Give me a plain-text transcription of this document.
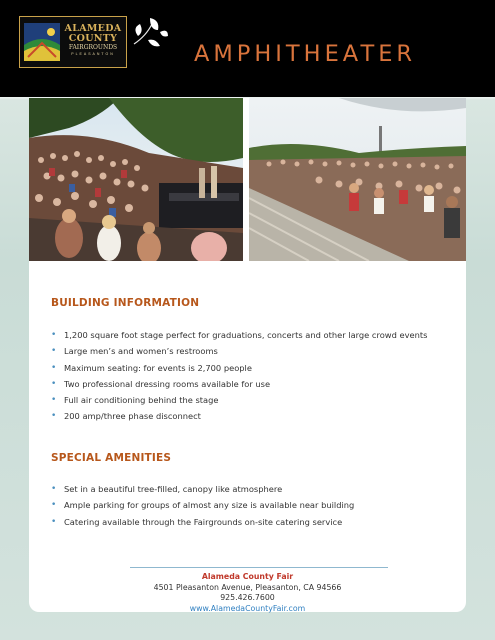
ALAMEDA
COUNTY
FAIRGROUNDS
PLEASANTON	AMPHITHEATER
BUILDING INFORMATION
• 1,200 square foot stage perfect for graduations, concerts and other large crowd events
• Large men’s and women’s restrooms
• Maximum seating: for events is 2,700 people
• Two professional dressing rooms available for use
• Full air conditioning behind the stage
• 200 amp/three phase disconnect
SPECIAL AMENITIES
• Set in a beautiful tree-filled, canopy like atmosphere
• Ample parking for groups of almost any size is available near building
• Catering available through the Fairgrounds on-site catering service
Alameda County Fair
4501 Pleasanton Avenue, Pleasanton, CA 94566
925.426.7600
www.AlamedaCountyFair.com
